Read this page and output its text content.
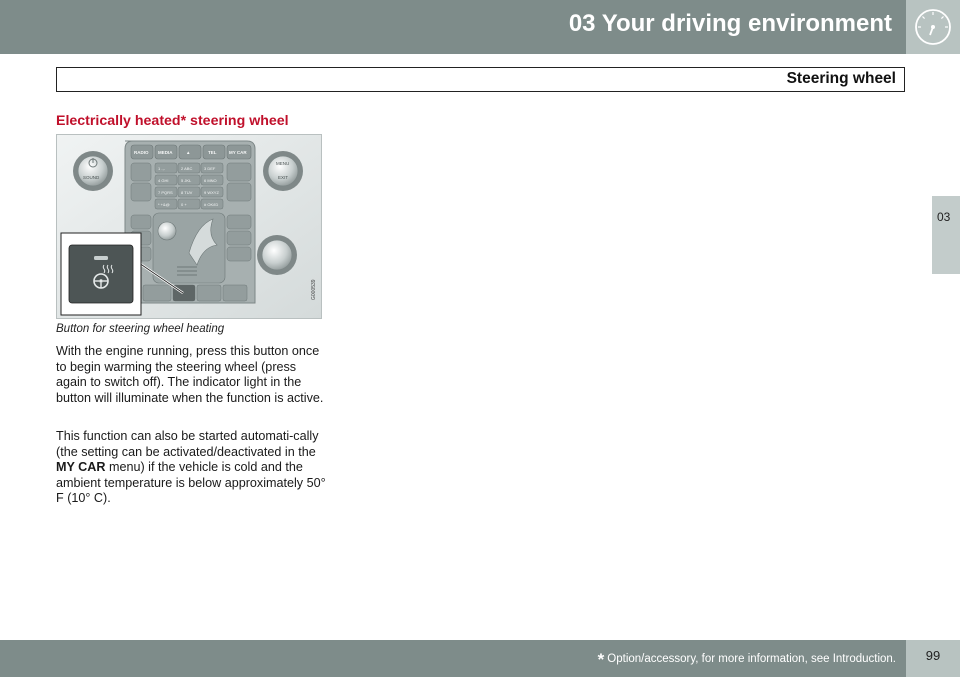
03 Your driving environment
Steering wheel
03
Electrically heated* steering wheel
RADIO MEDIA	▲	TEL	MY CAR
1 .,-	2 ABC	3 DEF
4 GHI	5 JKL	6 MNO
7 PQRS 8 TUV	9 WXYZ
* +&@	0 +	# OK/ID
SOUND
MENU
EXIT
G000539
Button for steering wheel heating
With the engine running, press this button once to begin warming the steering wheel (press again to switch off). The indicator light in the button will illuminate when the function is active.
This function can also be started automati-cally (the setting can be activated/deactivated in the MY CAR menu) if the vehicle is cold and the ambient temperature is below approximately 50° F (10° C).
* Option/accessory, for more information, see Introduction.	99
